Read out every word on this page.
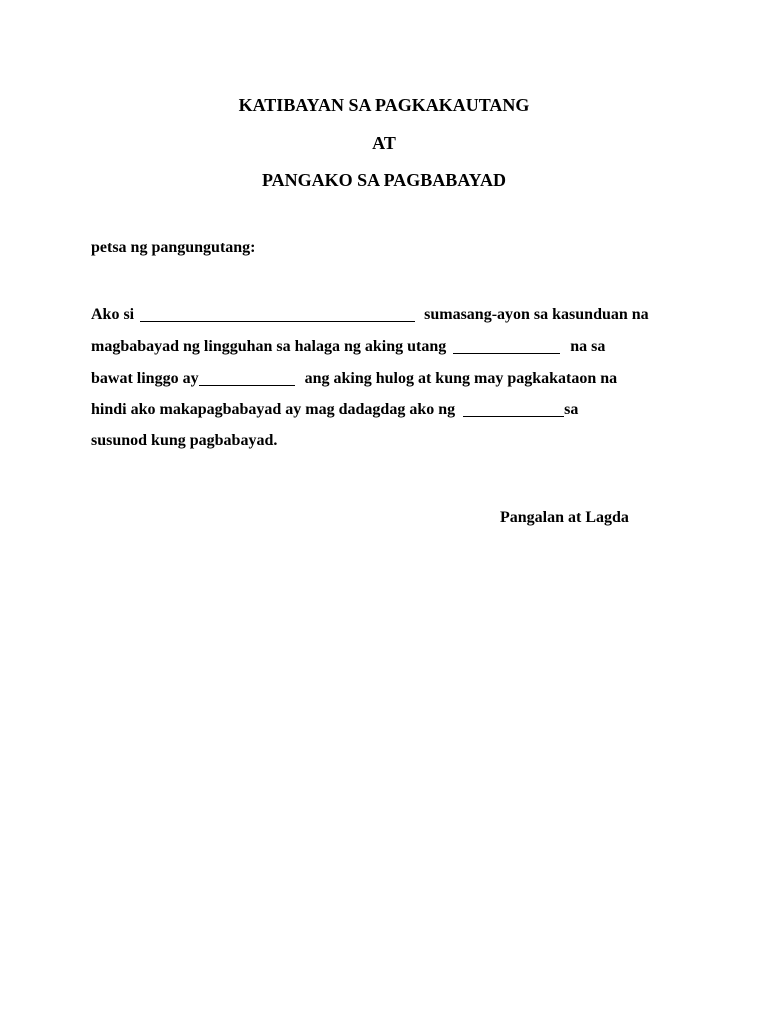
KATIBAYAN SA PAGKAKAUTANG
AT
PANGAKO SA PAGBABAYAD
petsa ng pangungutang:
Ako si	sumasang-ayon sa kasunduan na
magbabayad ng lingguhan sa halaga ng aking utang	na sa
bawat linggo ay	ang aking hulog at kung may pagkakataon na
hindi ako makapagbabayad ay mag dadagdag ako ng	sa
susunod kung pagbabayad.
Pangalan at Lagda
